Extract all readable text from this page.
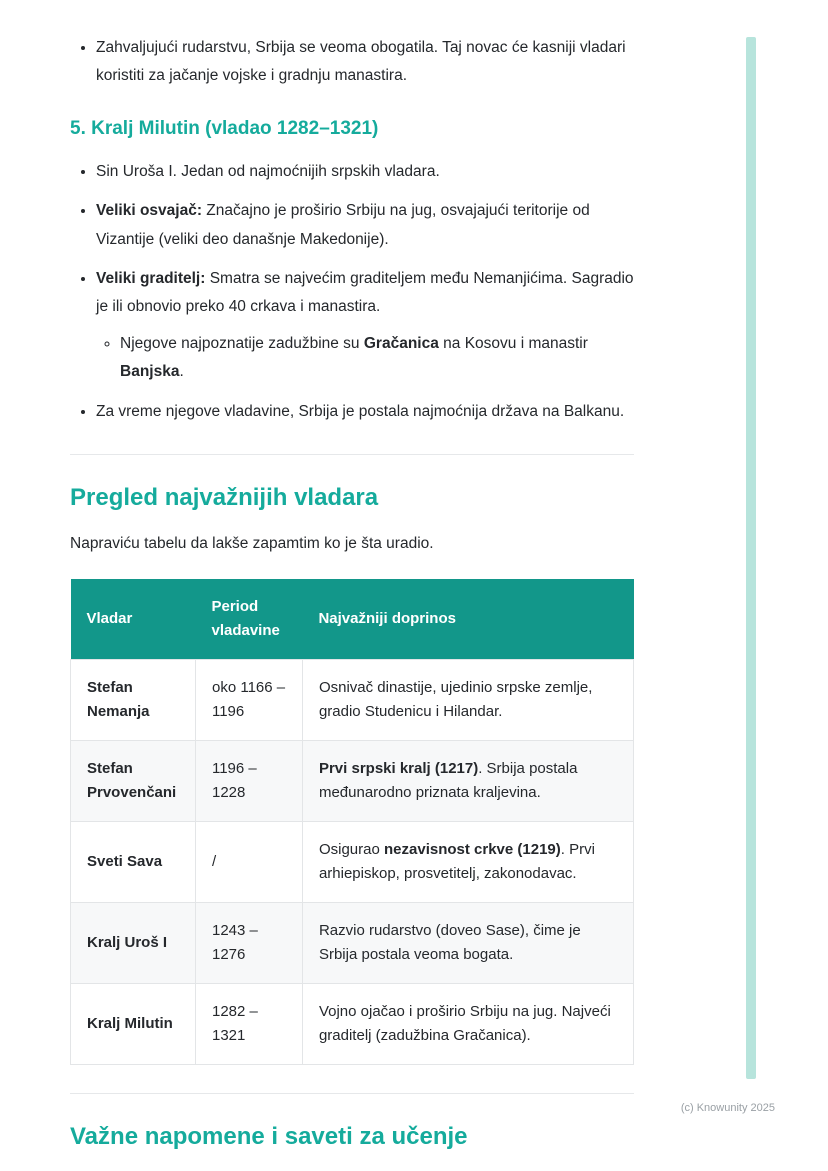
• Zahvaljujući rudarstvu, Srbija se veoma obogatila. Taj novac će kasniji vladari koristiti za jačanje vojske i gradnju manastira.
5. Kralj Milutin (vladao 1282–1321)
• Sin Uroša I. Jedan od najmoćnijih srpskih vladara.
• Veliki osvajač: Značajno je proširio Srbiju na jug, osvajajući teritorije od Vizantije (veliki deo današnje Makedonije).
• Veliki graditelj: Smatra se najvećim graditeljem među Nemanjićima. Sagradio je ili obnovio preko 40 crkava i manastira.
◦ Njegove najpoznatije zadužbine su Gračanica na Kosovu i manastir Banjska.
• Za vreme njegove vladavine, Srbija je postala najmoćnija država na Balkanu.
Pregled najvažnijih vladara

Napraviću tabelu da lakše zapamtim ko je šta uradio.

Vladar	Period vladavine	Najvažniji doprinos
Stefan Nemanja	oko 1166 – 1196	Osnivač dinastije, ujedinio srpske zemlje, gradio Studenicu i Hilandar.
Stefan Prvovenčani	1196 – 1228	Prvi srpski kralj (1217). Srbija postala međunarodno priznata kraljevina.
Sveti Sava	/	Osigurao nezavisnost crkve (1219). Prvi arhiepiskop, prosvetitelj, zakonodavac.
Kralj Uroš I	1243 – 1276	Razvio rudarstvo (doveo Sase), čime je Srbija postala veoma bogata.
Kralj Milutin	1282 – 1321	Vojno ojačao i proširio Srbiju na jug. Najveći graditelj (zadužbina Gračanica).
Važne napomene i saveti za učenje
(c) Knowunity 2025
